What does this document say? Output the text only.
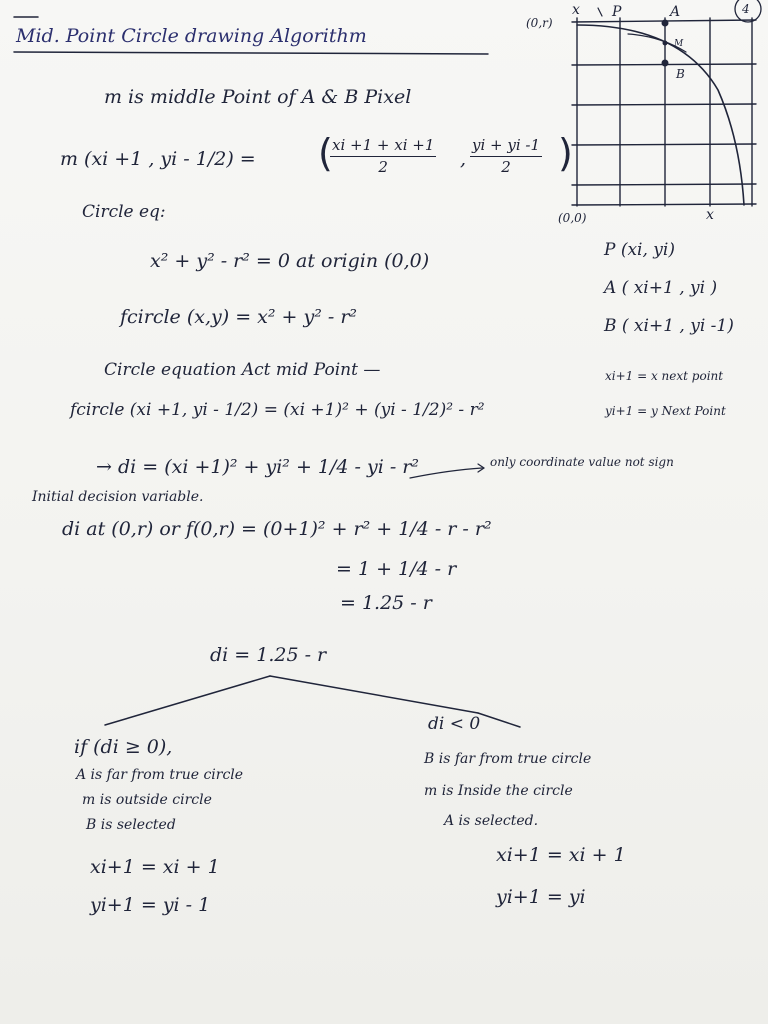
Mid. Point Circle drawing Algorithm
4
(0,r)
(0,0)
x P	A
M
B
x
m is middle Point of A & B Pixel
m (xi +1 , yi - 1/2) = (
$\frac{xi +1 + xi +1}{2}$ , $\frac{yi + yi -1}{2}$ )
Circle eq:
x² + y² - r² = 0 at origin (0,0)
fcircle (x,y) = x² + y² - r²
P (xi, yi)
A ( xi+1 , yi )
B ( xi+1 , yi -1)
xi+1 = x next point
yi+1 = y Next Point
Circle equation Act mid Point —
fcircle (xi +1, yi - 1/2) = (xi +1)² + (yi - 1/2)² - r²
→ di = (xi +1)² + yi² + 1/4 - yi - r²	only coordinate value not sign
Initial decision variable.
di at (0,r) or f(0,r) = (0+1)² + r² + 1/4 - r - r²
= 1 + 1/4 - r
= 1.25 - r
di = 1.25 - r
if (di ≥ 0),
A is far from true circle
m is outside circle
B is selected
xi+1 = xi + 1
yi+1 = yi - 1
di < 0
B is far from true circle
m is Inside the circle
A is selected.
xi+1 = xi + 1
yi+1 = yi
